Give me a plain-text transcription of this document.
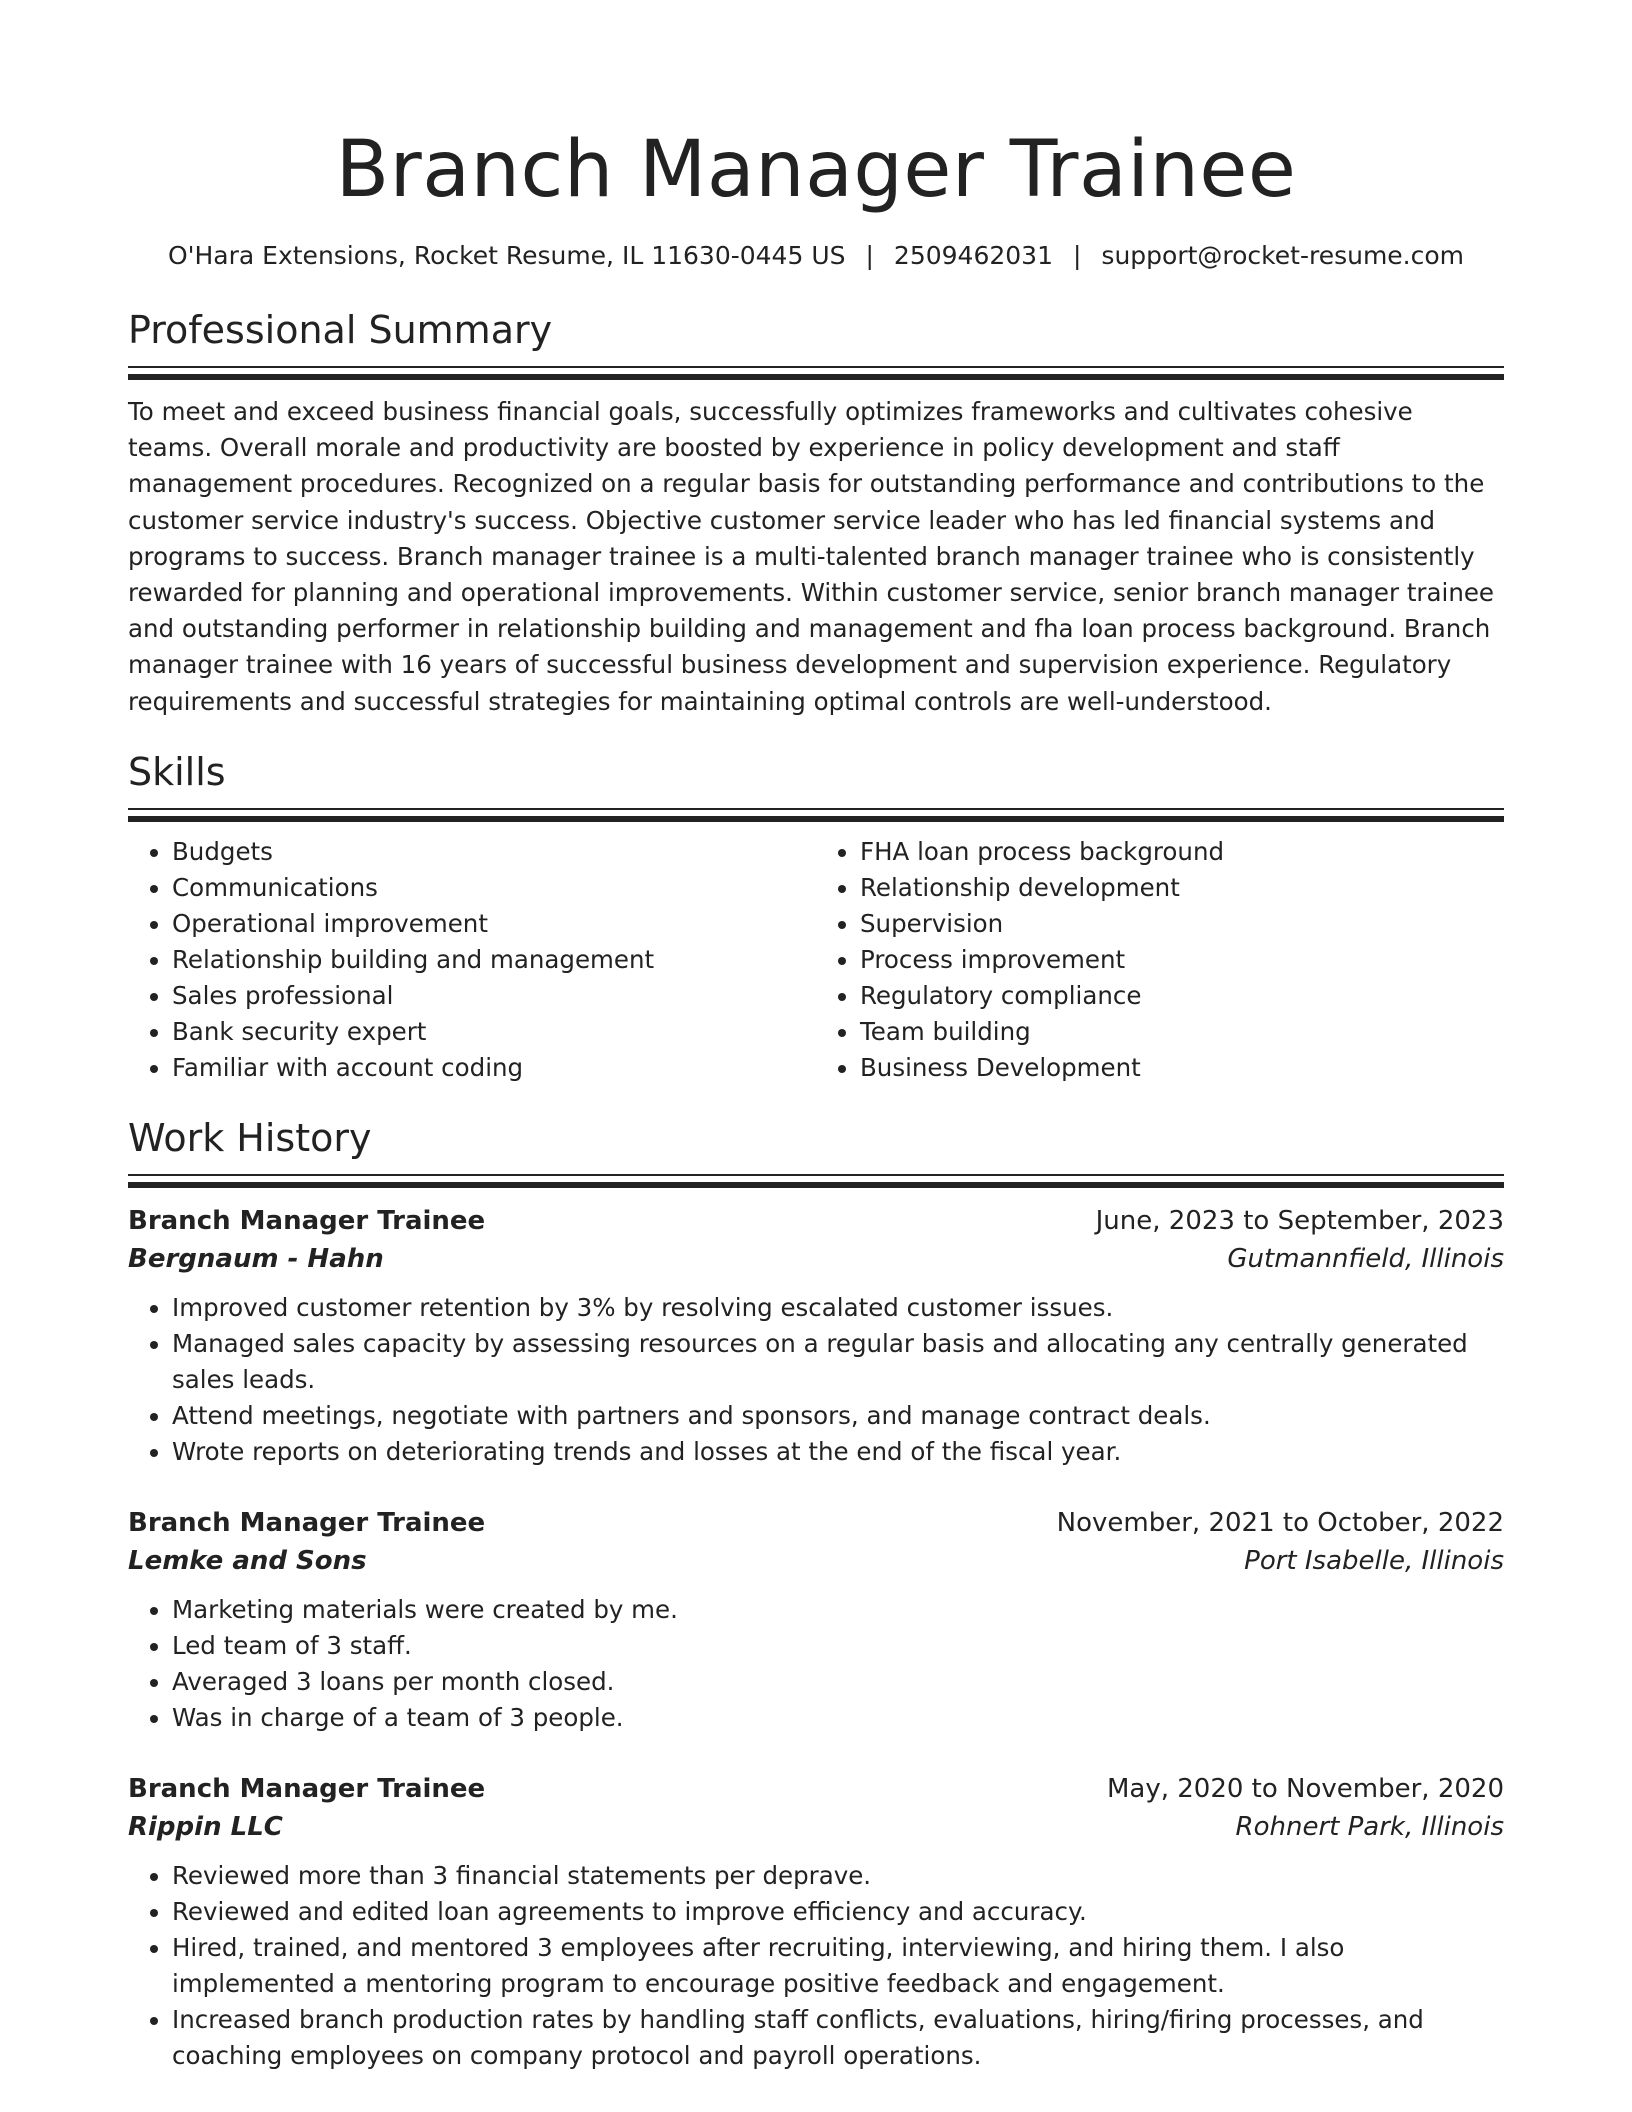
Branch Manager Trainee
O'Hara Extensions, Rocket Resume, IL 11630-0445 US | 2509462031 | support@rocket-resume.com
Professional Summary
To meet and exceed business financial goals, successfully optimizes frameworks and cultivates cohesive teams. Overall morale and productivity are boosted by experience in policy development and staff management procedures. Recognized on a regular basis for outstanding performance and contributions to the customer service industry's success. Objective customer service leader who has led financial systems and programs to success. Branch manager trainee is a multi-talented branch manager trainee who is consistently rewarded for planning and operational improvements. Within customer service, senior branch manager trainee and outstanding performer in relationship building and management and fha loan process background. Branch manager trainee with 16 years of successful business development and supervision experience. Regulatory requirements and successful strategies for maintaining optimal controls are well-understood.
Skills
• Budgets
• Communications
• Operational improvement
• Relationship building and management
• Sales professional
• Bank security expert
• Familiar with account coding
• FHA loan process background
• Relationship development
• Supervision
• Process improvement
• Regulatory compliance
• Team building
• Business Development
Work History
Branch Manager Trainee	June, 2023 to September, 2023
Bergnaum - Hahn	Gutmannfield, Illinois
• Improved customer retention by 3% by resolving escalated customer issues.
• Managed sales capacity by assessing resources on a regular basis and allocating any centrally generated sales leads.
• Attend meetings, negotiate with partners and sponsors, and manage contract deals.
• Wrote reports on deteriorating trends and losses at the end of the fiscal year.
Branch Manager Trainee	November, 2021 to October, 2022
Lemke and Sons	Port Isabelle, Illinois
• Marketing materials were created by me.
• Led team of 3 staff.
• Averaged 3 loans per month closed.
• Was in charge of a team of 3 people.
Branch Manager Trainee	May, 2020 to November, 2020
Rippin LLC	Rohnert Park, Illinois
• Reviewed more than 3 financial statements per deprave.
• Reviewed and edited loan agreements to improve efficiency and accuracy.
• Hired, trained, and mentored 3 employees after recruiting, interviewing, and hiring them. I also implemented a mentoring program to encourage positive feedback and engagement.
• Increased branch production rates by handling staff conflicts, evaluations, hiring/firing processes, and coaching employees on company protocol and payroll operations.
